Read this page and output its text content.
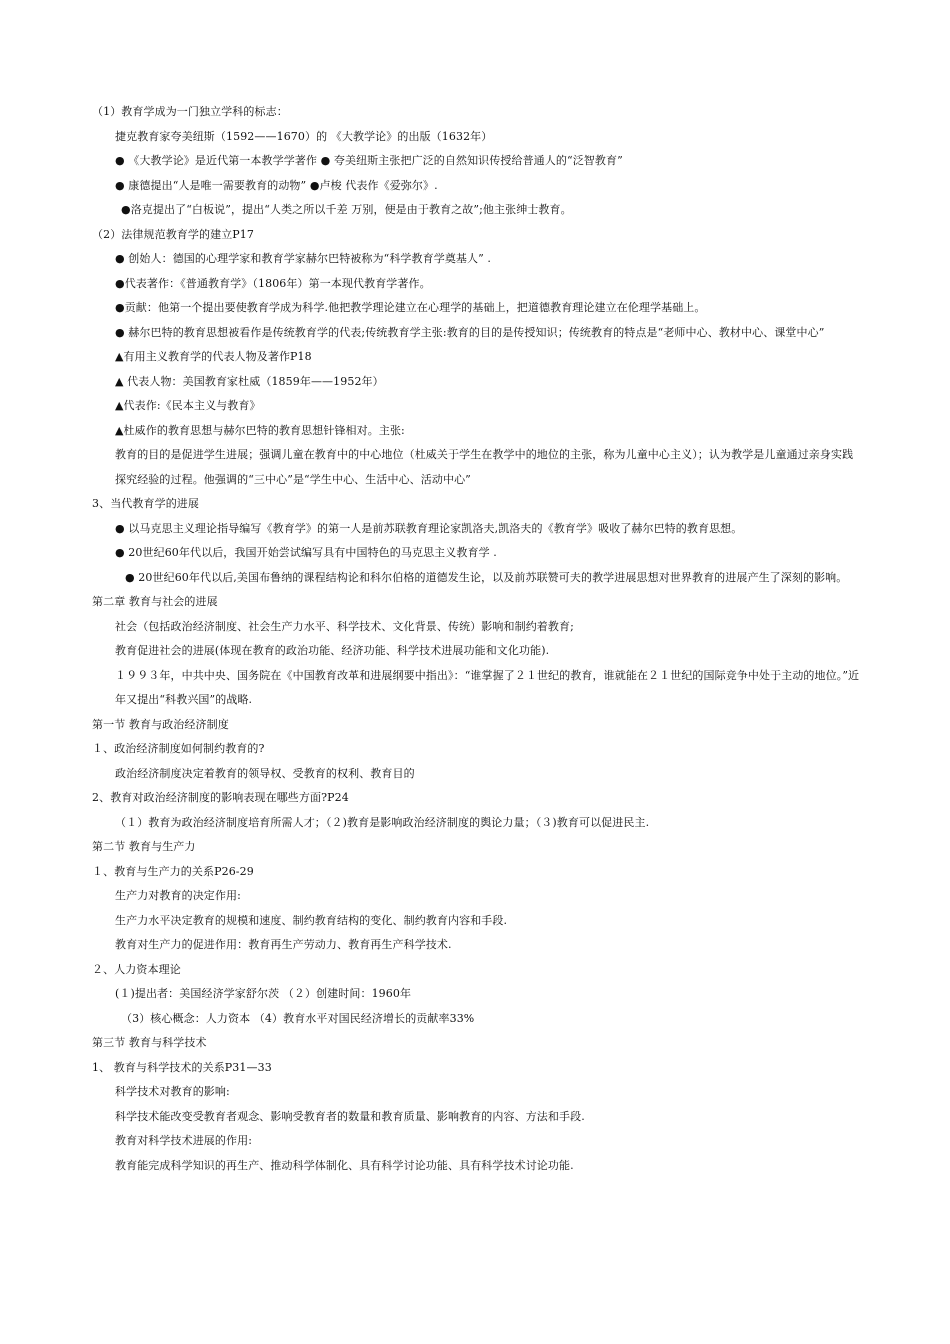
（1）教育学成为一门独立学科的标志：
捷克教育家夸美纽斯（1592——1670）的 《大教学论》的出版（1632年）
● 《大教学论》是近代第一本教学学著作 ● 夸美纽斯主张把广泛的自然知识传授给普通人的“泛智教育”
● 康德提出“人是唯一需要教育的动物” ●卢梭 代表作《爱弥尔》.
●洛克提出了“白板说”，提出“人类之所以千差 万别，便是由于教育之故”;他主张绅士教育。
（2）法律规范教育学的建立P17
● 创始人：德国的心理学家和教育学家赫尔巴特被称为“科学教育学奠基人” .
●代表著作：《普通教育学》（1806年）第一本现代教育学著作。
●贡献：他第一个提出要使教育学成为科学.他把教学理论建立在心理学的基础上，把道德教育理论建立在伦理学基础上。
● 赫尔巴特的教育思想被看作是传统教育学的代表;传统教育学主张:教育的目的是传授知识；传统教育的特点是“老师中心、教材中心、课堂中心”
▲有用主义教育学的代表人物及著作P18
▲ 代表人物：美国教育家杜威（1859年——1952年）
▲代表作:《民本主义与教育》
▲杜威作的教育思想与赫尔巴特的教育思想针锋相对。主张:
教育的目的是促进学生进展；强调儿童在教育中的中心地位（杜威关于学生在教学中的地位的主张，称为儿童中心主义）；认为教学是儿童通过亲身实践探究经验的过程。他强调的“三中心”是“学生中心、生活中心、活动中心”
3、当代教育学的进展
● 以马克思主义理论指导编写《教育学》的第一人是前苏联教育理论家凯洛夫,凯洛夫的《教育学》吸收了赫尔巴特的教育思想。
● 20世纪60年代以后，我国开始尝试编写具有中国特色的马克思主义教育学 .
● 20世纪60年代以后,美国布鲁纳的课程结构论和科尔伯格的道德发生论，以及前苏联赞可夫的教学进展思想对世界教育的进展产生了深刻的影响。
第二章 教育与社会的进展
社会（包括政治经济制度、社会生产力水平、科学技术、文化背景、传统）影响和制约着教育;
教育促进社会的进展(体现在教育的政治功能、经济功能、科学技术进展功能和文化功能).
１９９３年，中共中央、国务院在《中国教育改革和进展纲要中指出》：“谁掌握了２１世纪的教育，谁就能在２１世纪的国际竞争中处于主动的地位。”近年又提出“科教兴国”的战略.
第一节 教育与政治经济制度
１、政治经济制度如何制约教育的?
政治经济制度决定着教育的领导权、受教育的权利、教育目的
2、教育对政治经济制度的影响表现在哪些方面?P24
（１）教育为政治经济制度培育所需人才；（２)教育是影响政治经济制度的舆论力量；（３)教育可以促进民主.
第二节 教育与生产力
１、教育与生产力的关系P26-29
生产力对教育的决定作用:
生产力水平决定教育的规模和速度、制约教育结构的变化、制约教育内容和手段.
教育对生产力的促进作用：教育再生产劳动力、教育再生产科学技术.
２、人力资本理论
(１)提出者：美国经济学家舒尔茨 （２）创建时间：1960年
（3）核心概念：人力资本 （4）教育水平对国民经济增长的贡献率33%
第三节 教育与科学技术
1、 教育与科学技术的关系P31—33
科学技术对教育的影响:
科学技术能改变受教育者观念、影响受教育者的数量和教育质量、影响教育的内容、方法和手段.
教育对科学技术进展的作用:
教育能完成科学知识的再生产、推动科学体制化、具有科学讨论功能、具有科学技术讨论功能.
